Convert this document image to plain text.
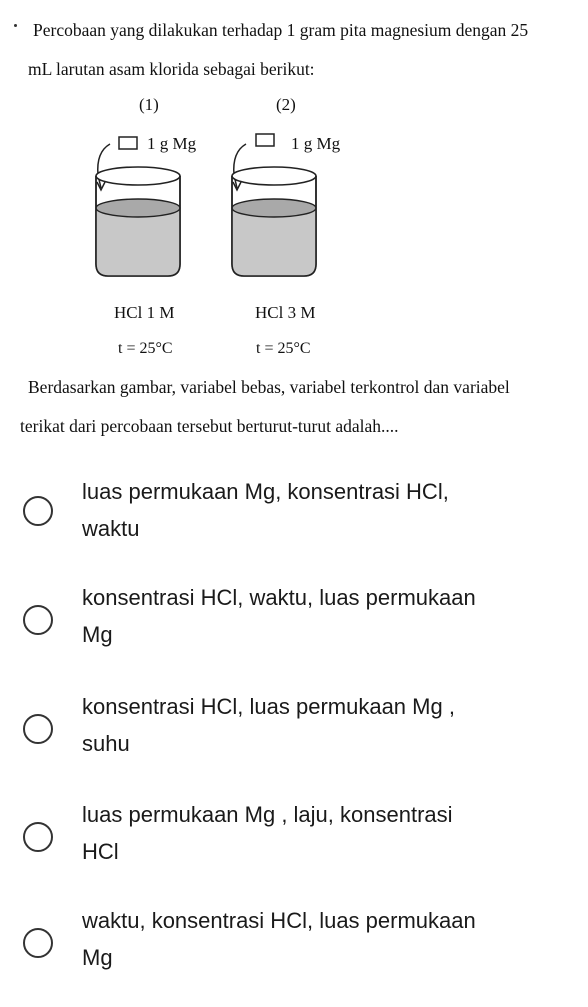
Percobaan yang dilakukan terhadap 1 gram pita magnesium dengan 25
mL larutan asam klorida sebagai berikut:
(1)
1 g Mg
HCl 1 M
t = 25°C
(2)
1 g Mg
HCl 3 M
t = 25°C
Berdasarkan gambar, variabel bebas, variabel terkontrol dan variabel
terikat dari percobaan tersebut berturut-turut adalah....
luas permukaan Mg, konsentrasi HCl,
waktu
konsentrasi HCl, waktu, luas permukaan
Mg
konsentrasi HCl, luas permukaan Mg ,
suhu
luas permukaan Mg , laju, konsentrasi
HCl
waktu, konsentrasi HCl, luas permukaan
Mg
